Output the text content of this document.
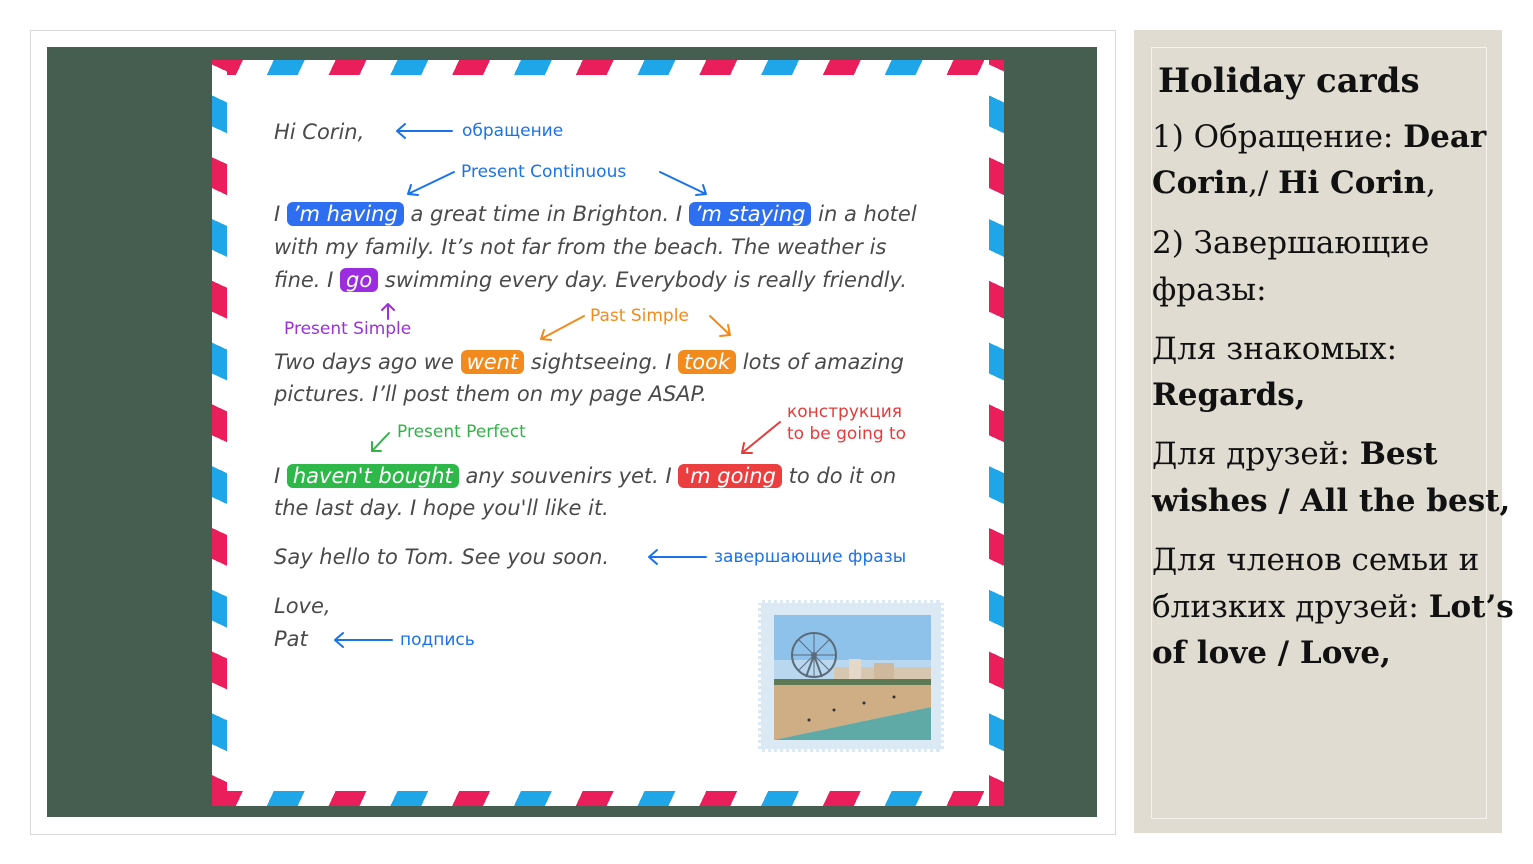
Hi Corin,	обращение
Present Continuous
I ’m having a great time in Brighton. I ’m staying in a hotel
with my family. It’s not far from the beach. The weather is
fine. I go swimming every day. Everybody is really friendly.
Present Simple
Past Simple
Two days ago we went sightseeing. I took lots of amazing
pictures. I’ll post them on my page ASAP.
Present Perfect
конструкция
to be going to
I haven't bought any souvenirs yet. I 'm going to do it on
the last day. I hope you'll like it.
Say hello to Tom. See you soon.	завершающие фразы
Love,
Pat	подпись
Holiday cards
1) Обращение: Dear
Corin,/ Hi Corin,
2) Завершающие
фразы:
Для знакомых:
Regards,
Для друзей: Best
wishes / All the best,
Для членов семьи и
близких друзей: Lot’s
of love / Love,
